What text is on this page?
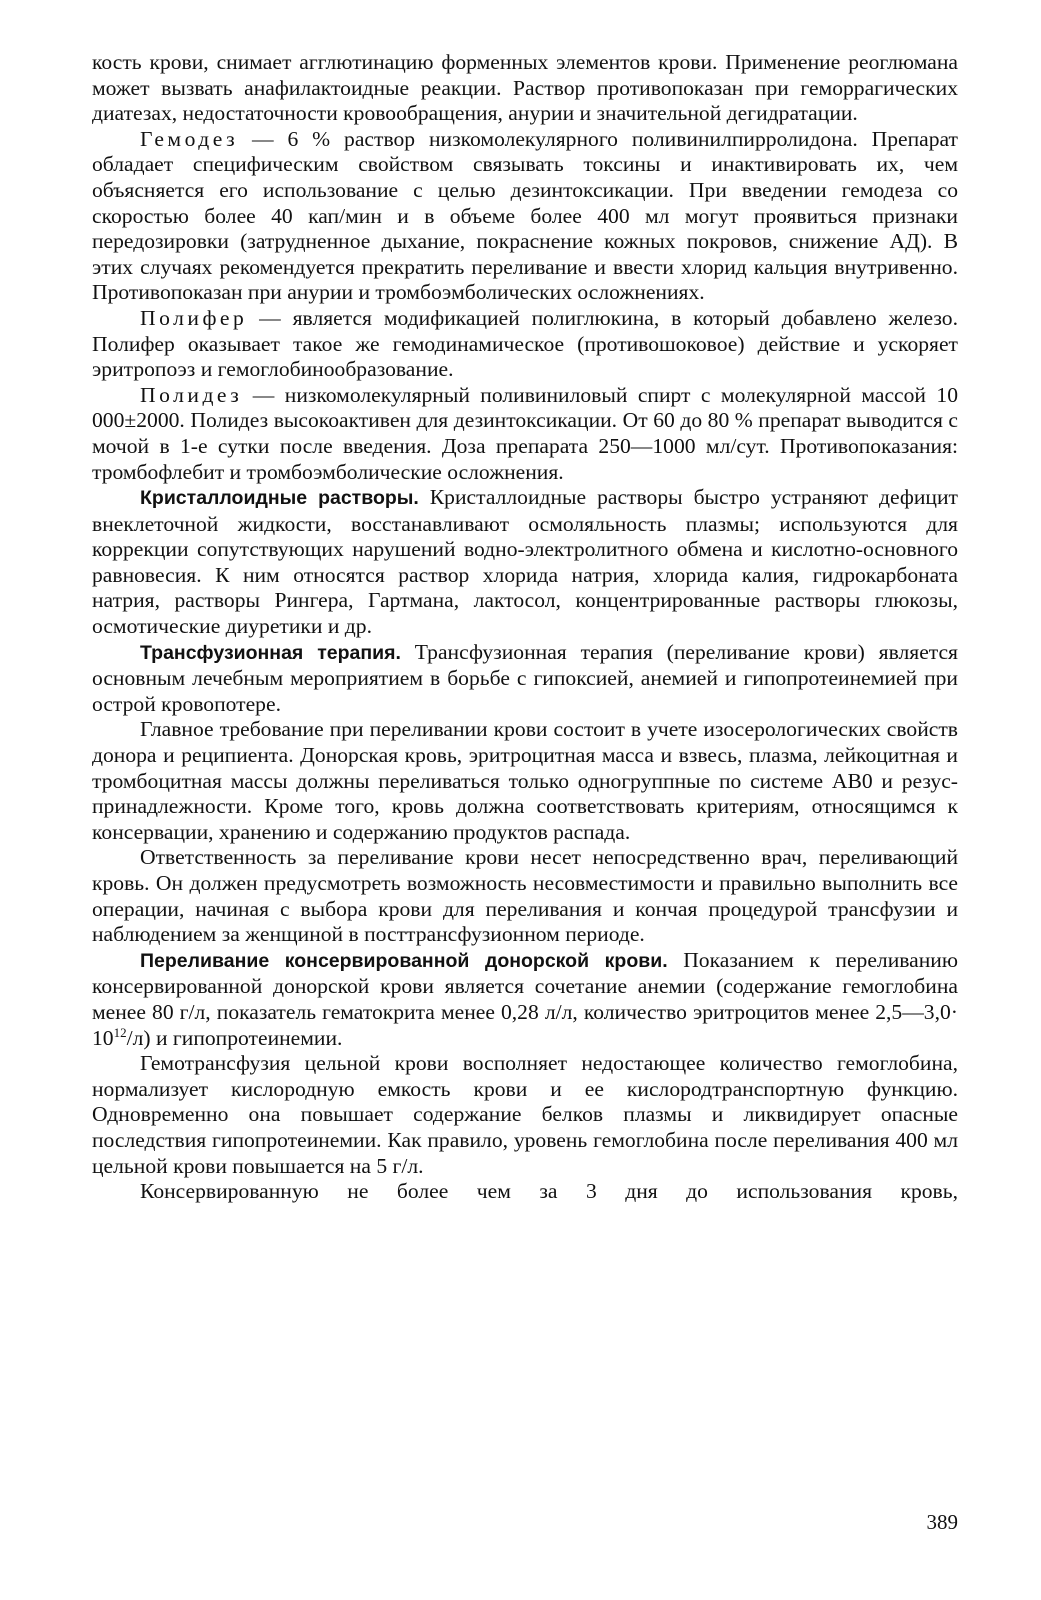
кость крови, снимает агглютинацию форменных элементов крови. Применение реоглюмана может вызвать анафилактоидные реакции. Раствор противопоказан при геморрагических диатезах, недостаточности кровообращения, анурии и значительной дегидратации.

Гемодез — 6 % раствор низкомолекулярного поливинилпирролидона. Препарат обладает специфическим свойством связывать токсины и инактивировать их, чем объясняется его использование с целью дезинтоксикации. При введении гемодеза со скоростью более 40 кап/мин и в объеме более 400 мл могут проявиться признаки передозировки (затрудненное дыхание, покраснение кожных покровов, снижение АД). В этих случаях рекомендуется прекратить переливание и ввести хлорид кальция внутривенно. Противопоказан при анурии и тромбоэмболических осложнениях.

Полифер — является модификацией полиглюкина, в который добавлено железо. Полифер оказывает такое же гемодинамическое (противошоковое) действие и ускоряет эритропоэз и гемоглобинообразование.

Полидез — низкомолекулярный поливиниловый спирт с молекулярной массой 10 000±2000. Полидез высокоактивен для дезинтоксикации. От 60 до 80 % препарат выводится с мочой в 1-е сутки после введения. Доза препарата 250—1000 мл/сут. Противопоказания: тромбофлебит и тромбоэмболические осложнения.

Кристаллоидные растворы. Кристаллоидные растворы быстро устраняют дефицит внеклеточной жидкости, восстанавливают осмоляльность плазмы; используются для коррекции сопутствующих нарушений водно-электролитного обмена и кислотно-основного равновесия. К ним относятся раствор хлорида натрия, хлорида калия, гидрокарбоната натрия, растворы Рингера, Гартмана, лактосол, концентрированные растворы глюкозы, осмотические диуретики и др.

Трансфузионная терапия. Трансфузионная терапия (переливание крови) является основным лечебным мероприятием в борьбе с гипоксией, анемией и гипопротеинемией при острой кровопотере.

Главное требование при переливании крови состоит в учете изосерологических свойств донора и реципиента. Донорская кровь, эритроцитная масса и взвесь, плазма, лейкоцитная и тромбоцитная массы должны переливаться только одногруппные по системе АВ0 и резус-принадлежности. Кроме того, кровь должна соответствовать критериям, относящимся к консервации, хранению и содержанию продуктов распада.

Ответственность за переливание крови несет непосредственно врач, переливающий кровь. Он должен предусмотреть возможность несовместимости и правильно выполнить все операции, начиная с выбора крови для переливания и кончая процедурой трансфузии и наблюдением за женщиной в посттрансфузионном периоде.

Переливание консервированной донорской крови. Показанием к переливанию консервированной донорской крови является сочетание анемии (содержание гемоглобина менее 80 г/л, показатель гематокрита менее 0,28 л/л, количество эритроцитов менее 2,5—3,0· $10^{12}/л$) и гипопротеинемии.

Гемотрансфузия цельной крови восполняет недостающее количество гемоглобина, нормализует кислородную емкость крови и ее кислородтранспортную функцию. Одновременно она повышает содержание белков плазмы и ликвидирует опасные последствия гипопротеинемии. Как правило, уровень гемоглобина после переливания 400 мл цельной крови повышается на 5 г/л.

Консервированную не более чем за 3 дня до использования кровь,

389
